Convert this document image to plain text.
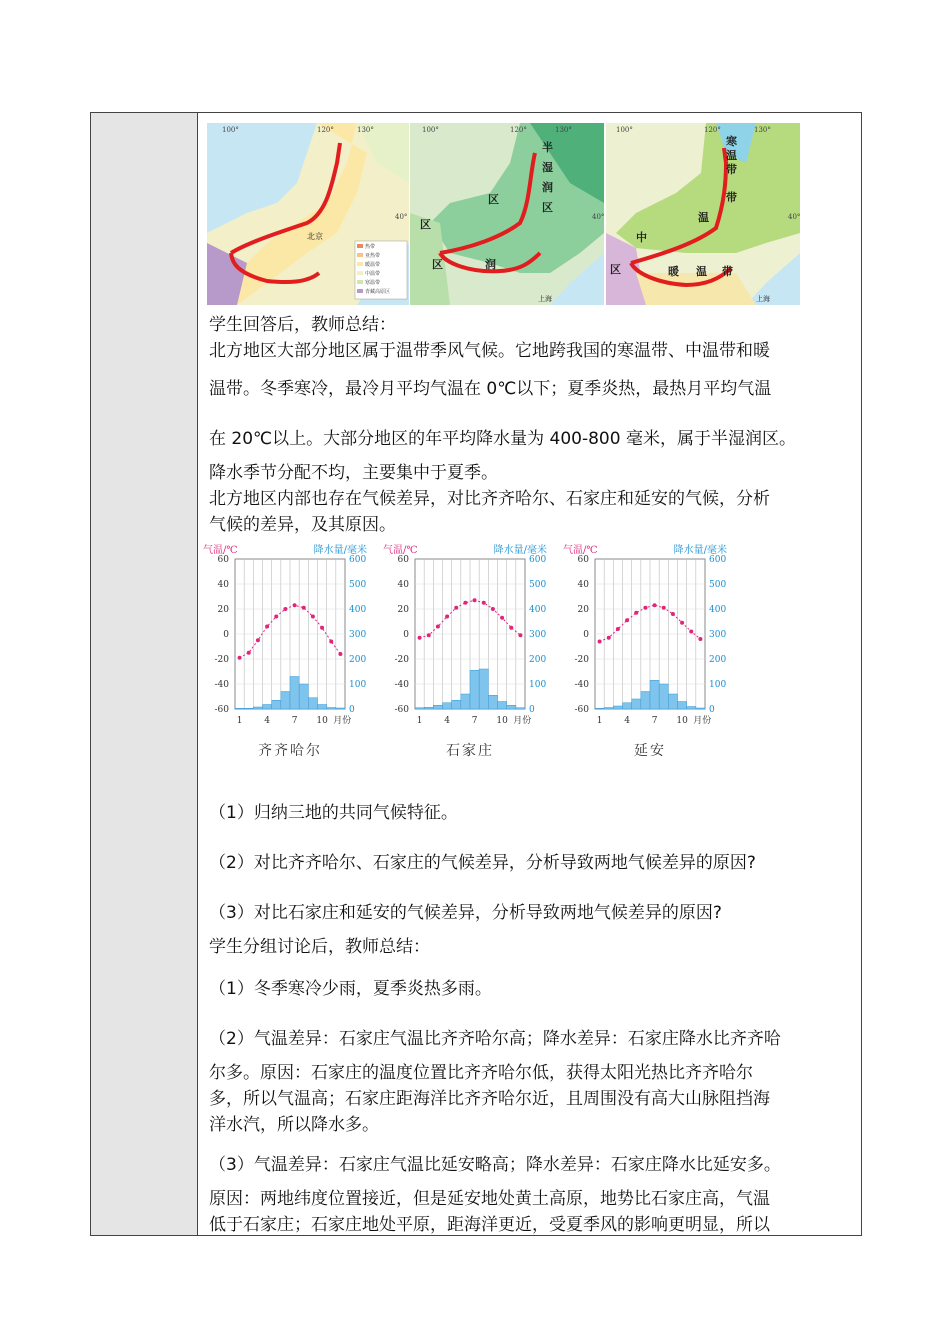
100°	120°	130°
40°
北京
热带
亚热带
暖温带
中温带
寒温带
青藏高原区
100°	120°	130°
40°
上海
半
湿
润
区
区
润
区
区
100°	120°	130°
40°
上海
寒
温
带
温
带
中
区	暖 温 带
学生回答后，教师总结：
北方地区大部分地区属于温带季风气候。它地跨我国的寒温带、中温带和暖
温带。冬季寒冷，最冷月平均气温在 0℃以下；夏季炎热，最热月平均气温
在 20℃以上。大部分地区的年平均降水量为 400-800 毫米，属于半湿润区。
降水季节分配不均，主要集中于夏季。
北方地区内部也存在气候差异，对比齐齐哈尔、石家庄和延安的气候，分析
气候的差异，及其原因。
气温/℃	降水量/毫米
60
40
20
0
-20
-40
-60
600
500
400
300
200
100
0
1 4 7 10 月份
齐齐哈尔
气温/℃	降水量/毫米
60
40
20
0
-20
-40
-60
600
500
400
300
200
100
0
1 4 7 10 月份
石家庄
气温/℃	降水量/毫米
60
40
20
0
-20
-40
-60
600
500
400
300
200
100
0
1 4 7 10 月份
延安
（1）归纳三地的共同气候特征。
（2）对比齐齐哈尔、石家庄的气候差异，分析导致两地气候差异的原因?
（3）对比石家庄和延安的气候差异，分析导致两地气候差异的原因?
学生分组讨论后，教师总结：
（1）冬季寒冷少雨，夏季炎热多雨。
（2）气温差异：石家庄气温比齐齐哈尔高；降水差异：石家庄降水比齐齐哈
尔多。原因：石家庄的温度位置比齐齐哈尔低，获得太阳光热比齐齐哈尔
多，所以气温高；石家庄距海洋比齐齐哈尔近，且周围没有高大山脉阻挡海
洋水汽，所以降水多。
（3）气温差异：石家庄气温比延安略高；降水差异：石家庄降水比延安多。
原因：两地纬度位置接近，但是延安地处黄土高原，地势比石家庄高，气温
低于石家庄；石家庄地处平原，距海洋更近，受夏季风的影响更明显，所以
